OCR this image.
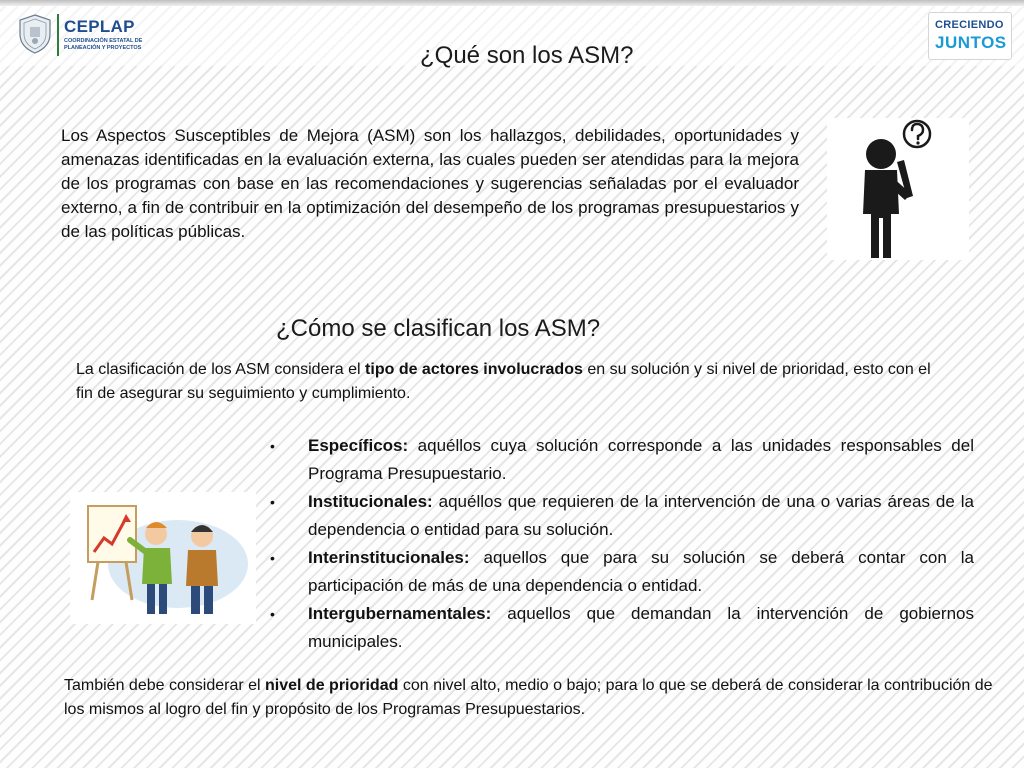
CEPLAP
COORDINACIÓN ESTATAL DE PLANEACIÓN Y PROYECTOS
CRECIENDO
JUNTOS
¿Qué son los ASM?

Los Aspectos Susceptibles de Mejora (ASM) son los hallazgos, debilidades, oportunidades y amenazas identificadas en la evaluación externa, las cuales pueden ser atendidas para la mejora de los programas con base en las recomendaciones y sugerencias señaladas por el evaluador externo, a fin de contribuir en la optimización del desempeño de los programas presupuestarios y de las políticas públicas.

¿Cómo se clasifican los ASM?

La clasificación de los ASM considera el tipo de actores involucrados en su solución y si nivel de prioridad, esto con el fin de asegurar su seguimiento y cumplimiento.

• Específicos: aquéllos cuya solución corresponde a las unidades responsables del Programa Presupuestario.
• Institucionales: aquéllos que requieren de la intervención de una o varias áreas de la dependencia o entidad para su solución.
• Interinstitucionales: aquellos que para su solución se deberá contar con la participación de más de una dependencia o entidad.
• Intergubernamentales: aquellos que demandan la intervención de gobiernos municipales.

También debe considerar el nivel de prioridad con nivel alto, medio o bajo; para lo que se deberá de considerar la contribución de los mismos al logro del fin y propósito de los Programas Presupuestarios.
